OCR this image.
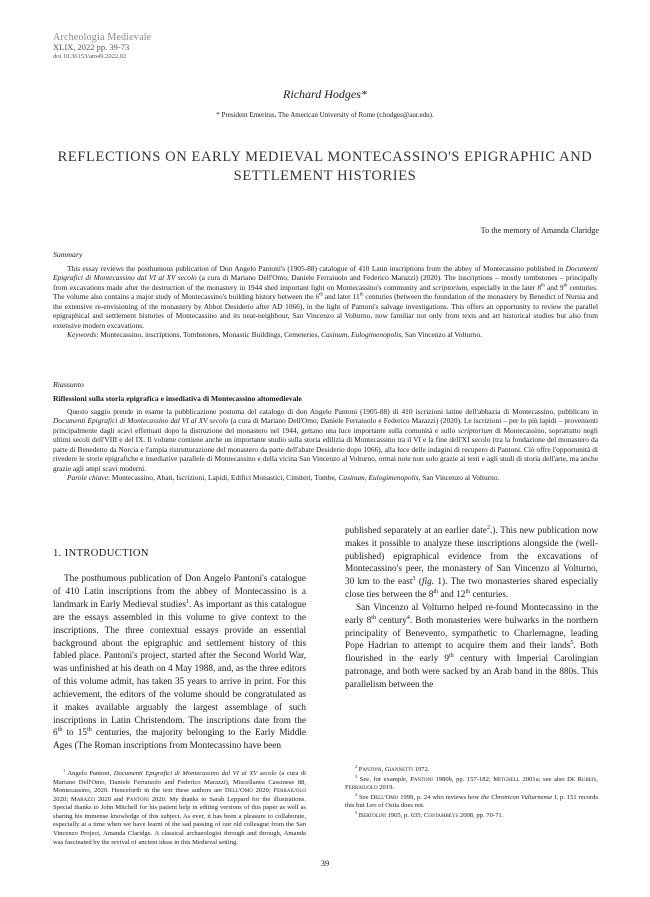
Archeologia Medievale
XLIX, 2022 pp. 39-73
doi 10.36153/am49.2022.02
Richard Hodges*
* President Emeritus, The American University of Rome (r.hodges@aur.edu).
REFLECTIONS ON EARLY MEDIEVAL MONTECASSINO'S EPIGRAPHIC AND SETTLEMENT HISTORIES
To the memory of Amanda Claridge
Summary

This essay reviews the posthumous publication of Don Angelo Pantoni's (1905-88) catalogue of 410 Latin inscriptions from the abbey of Montecassino published in Documenti Epigrafici di Montecassino dal VI al XV secolo (a cura di Mariano Dell'Omo, Daniele Ferraiuolo and Federico Marazzi) (2020). The inscriptions – mostly tombstones – principally from excavations made after the destruction of the monastery in 1944 shed important light on Montecassino's community and scriptorium, especially in the later 8th and 9th centuries. The volume also contains a major study of Montecassino's building history between the 6th and later 11th centuries (between the foundation of the monastery by Benedict of Nursia and the extensive re-envisioning of the monastery by Abbot Desiderio after AD 1066), in the light of Pantoni's salvage investigations. This offers an opportunity to review the parallel epigraphical and settlement histories of Montecassino and its near-neighbour, San Vincenzo al Volturno, now familiar not only from texts and art historical studies but also from extensive modern excavations.

Keywords: Montecassino, inscriptions, Tombstones, Monastic Buildings, Cemeteries, Casinum, Eulogimenopolis, San Vincenzo al Volturno.

Riassunto

Riflessioni sulla storia epigrafica e insediativa di Montecassino altomedievale

Questo saggio prende in esame la pubblicazione postuma del catalogo di don Angelo Pantoni (1905-88) di 410 iscrizioni latine dell'abbazia di Montecassino, pubblicato in Documenti Epigrafici di Montecassino dal VI al XV secolo (a cura di Mariano Dell'Omo, Daniele Ferraiuolo e Federico Marazzi) (2020). Le iscrizioni – per lo più lapidi – provenienti principalmente dagli scavi effettuati dopo la distruzione del monastero nel 1944, gettano una luce importante sulla comunità e sullo scriptorium di Montecassino, soprattutto negli ultimi secoli dell'VIII e del IX. Il volume contiene anche un importante studio sulla storia edilizia di Montecassino tra il VI e la fine dell'XI secolo (tra la fondazione del monastero da parte di Benedetto da Norcia e l'ampia ristrutturazione del monastero da parte dell'abate Desiderio dopo 1066), alla luce delle indagini di recupero di Pantoni. Ciò offre l'opportunità di rivedere le storie epigrafiche e insediative parallele di Montecassino e della vicina San Vincenzo al Volturno, ormai note non solo grazie ai testi e agli studi di storia dell'arte, ma anche grazie agli ampi scavi moderni.

Parole chiave: Montecassino, Abati, Iscrizioni, Lapidi, Edifici Monastici, Cimiteri, Tombe, Casinum, Eulogimenopolis, San Vincenzo al Volturno.

1. INTRODUCTION

The posthumous publication of Don Angelo Pantoni's catalogue of 410 Latin inscriptions from the abbey of Montecassino is a landmark in Early Medieval studies$^1$. As important as this catalogue are the essays assembled in this volume to give context to the inscriptions. The three contextual essays provide an essential background about the epigraphic and settlement history of this fabled place. Pantoni's project, started after the Second World War, was unfinished at his death on 4 May 1988, and, as the three editors of this volume admit, has taken 35 years to arrive in print. For this achievement, the editors of the volume should be congratulated as it makes available arguably the largest assemblage of such inscriptions in Latin Christendom. The inscriptions date from the 6th to 15th centuries, the majority belonging to the Early Middle Ages (The Roman inscriptions from Montecassino have been

published separately at an earlier date$^2$.). This new publication now makes it possible to analyze these inscriptions alongside the (well-published) epigraphical evidence from the excavations of Montecassino's peer, the monastery of San Vincenzo al Volturno, 30 km to the east$^3$ (fig. 1). The two monasteries shared especially close ties between the 8th and 12th centuries.

San Vincenzo al Volturno helped re-found Montecassino in the early 8th century$^4$. Both monasteries were bulwarks in the northern principality of Benevento, sympathetic to Charlemagne, leading Pope Hadrian to attempt to acquire them and their lands$^5$. Both flourished in the early 9th century with Imperial Carolingian patronage, and both were sacked by an Arab band in the 880s. This parallelism between the

$^1$ Angelo Pantoni, Documenti Epigrafici di Montecassino dal VI al XV secolo (a cura di Mariano Dell'Omo, Daniele Ferraiuolo and Federico Marazzi), Miscellanea Cassinese 88, Montecassino, 2020. Henceforth in the text these authors are Dell'Omo 2020; Ferraiuolo 2020; Marazzi 2020 and Pantoni 2020. My thanks to Sarah Leppard for the illustrations. Special thanks to John Mitchell for his patient help in editing versions of this paper as well as sharing his immense knowledge of this subject. As ever, it has been a pleasure to collaborate, especially at a time when we have learnt of the sad passing of our old colleague from the San Vincenzo Project, Amanda Claridge. A classical archaeologist through and through, Amanda was fascinated by the revival of ancient ideas in this Medieval setting.

$^2$ Pantoni, Giannetti 1972.

$^3$ See, for example, Pantoni 1980b, pp. 157-182; Mitchell 2001a; see also De Rubeis, Ferraiuolo 2019.

$^4$ See Dell'Omo 1999, p. 24 who reviews how the Chronicon Vulturnense I, p. 151 records this but Leo of Ostia does not.

$^5$ Bertolini 1965, p. 635; Costambeys 2008, pp. 70-71.

39
